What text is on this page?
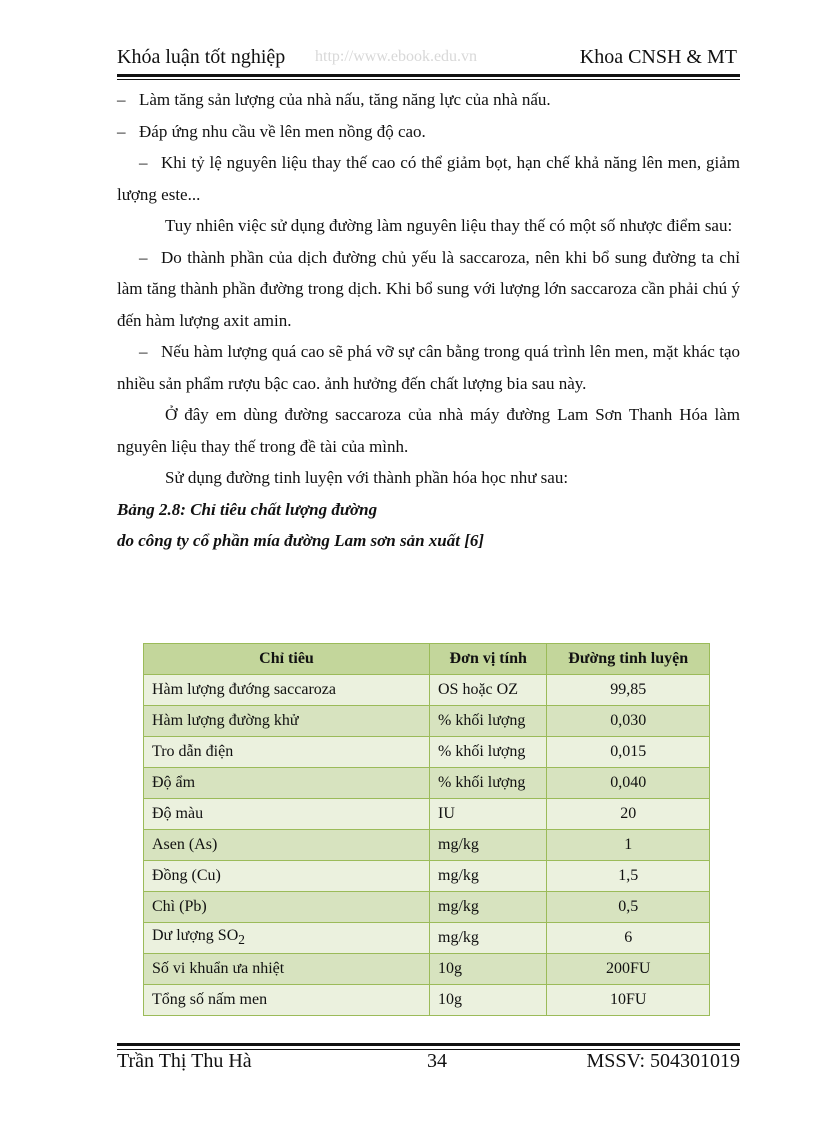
Khóa luận tốt nghiệp http://www.ebook.edu.vn	Khoa CNSH & MT

– Làm tăng sản lượng của nhà nấu, tăng năng lực của nhà nấu.

– Đáp ứng nhu cầu về lên men nồng độ cao.

– Khi tỷ lệ nguyên liệu thay thế cao có thể giảm bọt, hạn chế khả năng lên men, giảm lượng este...

Tuy nhiên việc sử dụng đường làm nguyên liệu thay thế có một số nhược điểm sau:

– Do thành phần của dịch đường chủ yếu là saccaroza, nên khi bổ sung đường ta chỉ làm tăng thành phần đường trong dịch. Khi bổ sung với lượng lớn saccaroza cần phải chú ý đến hàm lượng axit amin.

– Nếu hàm lượng quá cao sẽ phá vỡ sự cân bằng trong quá trình lên men, mặt khác tạo nhiều sản phẩm rượu bậc cao. ảnh hưởng đến chất lượng bia sau này.

Ở đây em dùng đường saccaroza của nhà máy đường Lam Sơn Thanh Hóa làm nguyên liệu thay thế trong đề tài của mình.

Sử dụng đường tinh luyện với thành phần hóa học như sau:

Bảng 2.8: Chỉ tiêu chất lượng đường

do công ty cổ phần mía đường Lam sơn sản xuất [6]

Chỉ tiêu	Đơn vị tính	Đường tinh luyện
Hàm lượng đướng saccaroza	OS hoặc OZ	99,85
Hàm lượng đường khử	% khối lượng	0,030
Tro dẫn điện	% khối lượng	0,015
Độ ẩm	% khối lượng	0,040
Độ màu	IU	20
Asen (As)	mg/kg	1
Đồng (Cu)	mg/kg	1,5
Chì (Pb)	mg/kg	0,5
Dư lượng $SO_2$	mg/kg	6
Số vi khuẩn ưa nhiệt	10g	200FU
Tổng số nấm men	10g	10FU
Trần Thị Thu Hà	34	MSSV: 504301019
